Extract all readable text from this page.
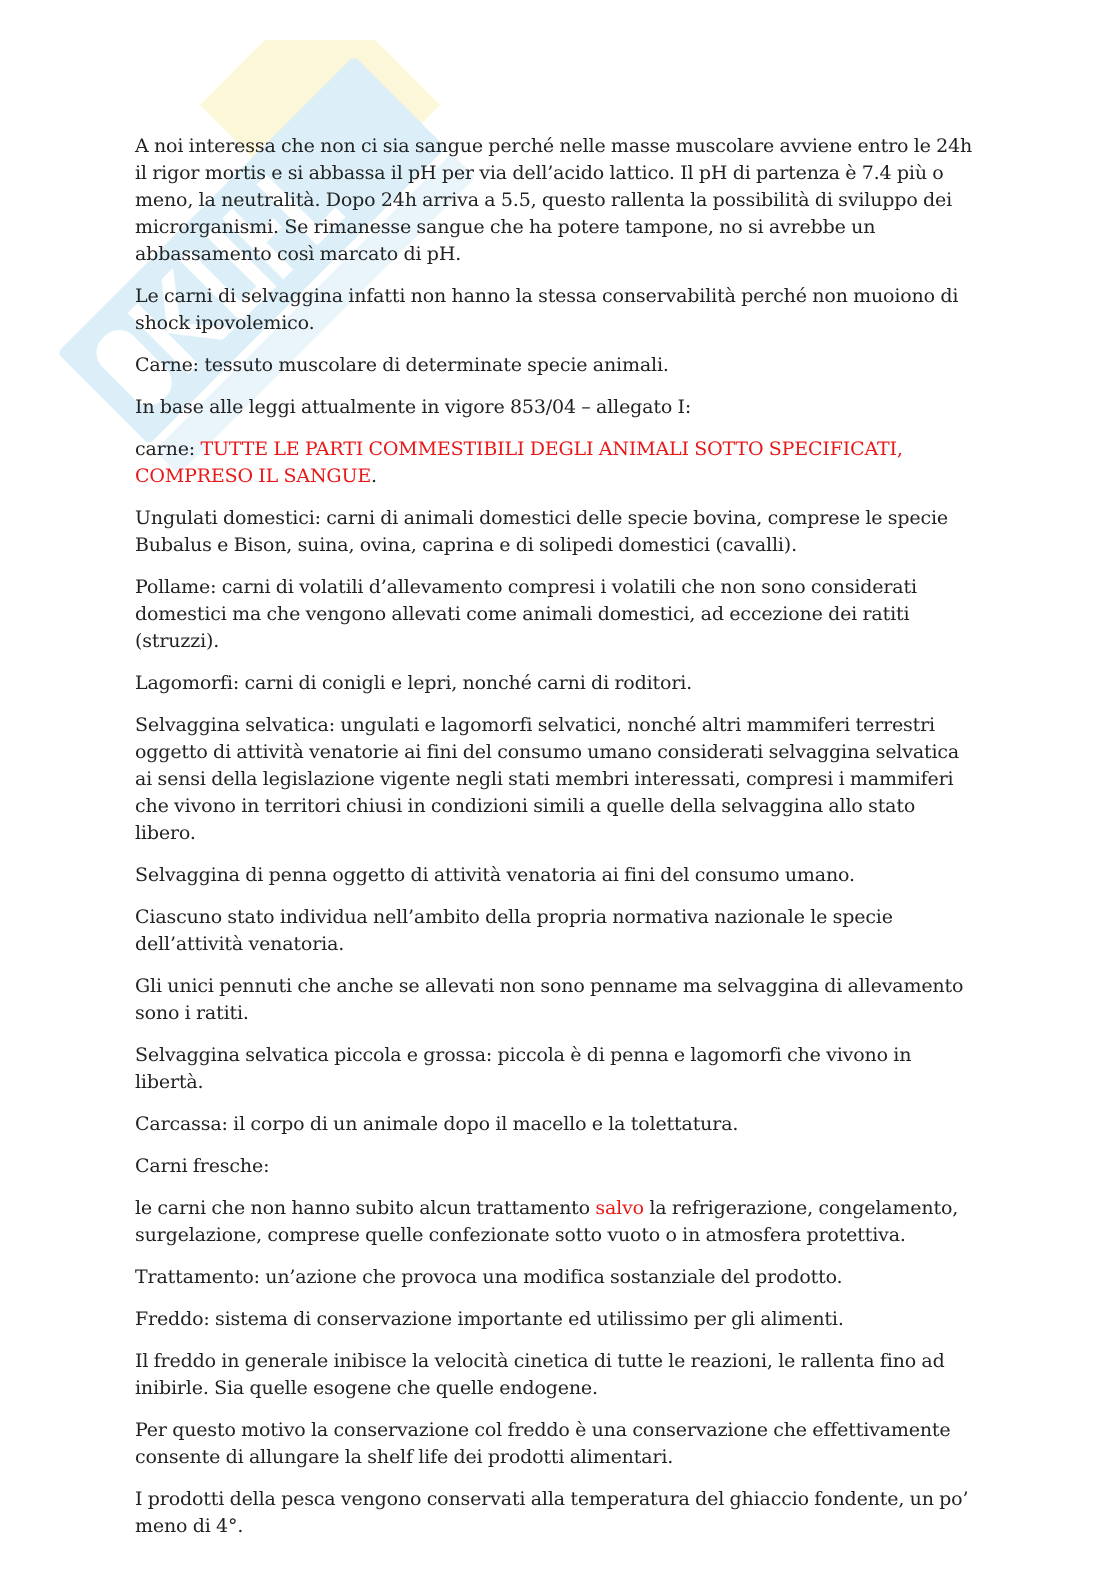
A noi interessa che non ci sia sangue perché nelle masse muscolare avviene entro le 24h il rigor mortis e si abbassa il pH per via dell’acido lattico. Il pH di partenza è 7.4 più o meno, la neutralità. Dopo 24h arriva a 5.5, questo rallenta la possibilità di sviluppo dei microrganismi. Se rimanesse sangue che ha potere tampone, no si avrebbe un abbassamento così marcato di pH.

Le carni di selvaggina infatti non hanno la stessa conservabilità perché non muoiono di shock ipovolemico.

Carne: tessuto muscolare di determinate specie animali.

In base alle leggi attualmente in vigore 853/04 – allegato I:

carne: TUTTE LE PARTI COMMESTIBILI DEGLI ANIMALI SOTTO SPECIFICATI, COMPRESO IL SANGUE.

Ungulati domestici: carni di animali domestici delle specie bovina, comprese le specie Bubalus e Bison, suina, ovina, caprina e di solipedi domestici (cavalli).

Pollame: carni di volatili d’allevamento compresi i volatili che non sono considerati domestici ma che vengono allevati come animali domestici, ad eccezione dei ratiti (struzzi).

Lagomorfi: carni di conigli e lepri, nonché carni di roditori.

Selvaggina selvatica: ungulati e lagomorfi selvatici, nonché altri mammiferi terrestri oggetto di attività venatorie ai fini del consumo umano considerati selvaggina selvatica ai sensi della legislazione vigente negli stati membri interessati, compresi i mammiferi che vivono in territori chiusi in condizioni simili a quelle della selvaggina allo stato libero.

Selvaggina di penna oggetto di attività venatoria ai fini del consumo umano.

Ciascuno stato individua nell’ambito della propria normativa nazionale le specie dell’attività venatoria.

Gli unici pennuti che anche se allevati non sono penname ma selvaggina di allevamento sono i ratiti.

Selvaggina selvatica piccola e grossa: piccola è di penna e lagomorfi che vivono in libertà.

Carcassa: il corpo di un animale dopo il macello e la tolettatura.

Carni fresche:

le carni che non hanno subito alcun trattamento salvo la refrigerazione, congelamento, surgelazione, comprese quelle confezionate sotto vuoto o in atmosfera protettiva.

Trattamento: un’azione che provoca una modifica sostanziale del prodotto.

Freddo: sistema di conservazione importante ed utilissimo per gli alimenti.

Il freddo in generale inibisce la velocità cinetica di tutte le reazioni, le rallenta fino ad inibirle. Sia quelle esogene che quelle endogene.

Per questo motivo la conservazione col freddo è una conservazione che effettivamente consente di allungare la shelf life dei prodotti alimentari.

I prodotti della pesca vengono conservati alla temperatura del ghiaccio fondente, un po’ meno di 4°.
